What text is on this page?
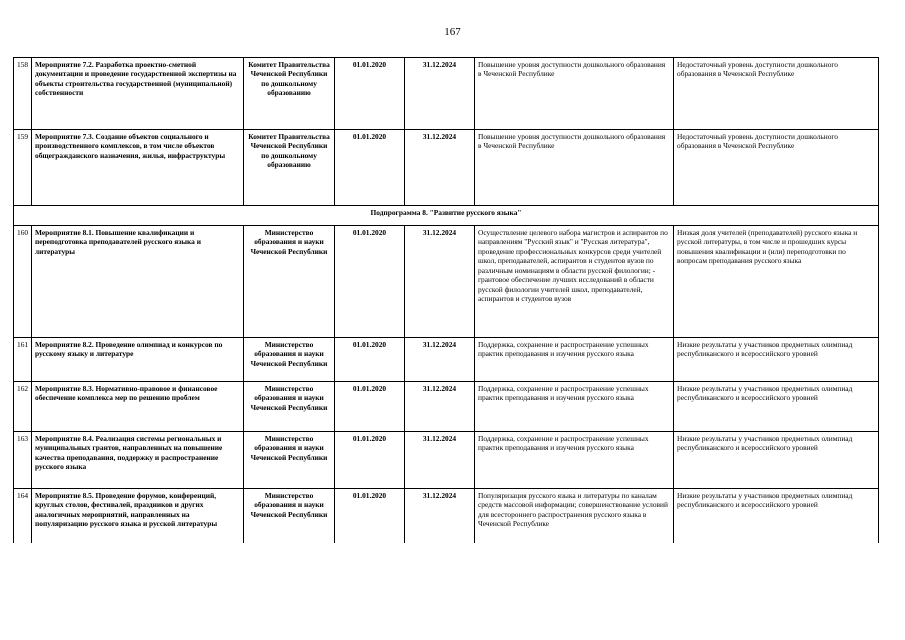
167
158	Мероприятие 7.2. Разработка проектно-сметной документации и проведение государственной экспертизы на объекты строительства государственной (муниципальной) собственности	Комитет Правительства Чеченской Республики по дошкольному образованию	01.01.2020	31.12.2024	Повышение уровня доступности дошкольного образования в Чеченской Республике	Недостаточный уровень доступности дошкольного образования в Чеченской Республике
159	Мероприятие 7.3. Создание объектов социального и производственного комплексов, в том числе объектов общегражданского назначения, жилья, инфраструктуры	Комитет Правительства Чеченской Республики по дошкольному образованию	01.01.2020	31.12.2024	Повышение уровня доступности дошкольного образования в Чеченской Республике	Недостаточный уровень доступности дошкольного образования в Чеченской Республике
Подпрограмма 8. "Развитие русского языка"						
160	Мероприятие 8.1. Повышение квалификации и переподготовка преподавателей русского языка и литературы	Министерство образования и науки Чеченской Республики	01.01.2020	31.12.2024	Осуществление целевого набора магистров и аспирантов по направлениям "Русский язык" и "Русская литература", проведение профессиональных конкурсов среди учителей школ, преподавателей, аспирантов и студентов вузов по различным номинациям в области русской филологии; - грантовое обеспечение лучших исследований в области русской филологии учителей школ, преподавателей, аспирантов и студентов вузов	Низкая доля учителей (преподавателей) русского языка и русской литературы, в том числе и прошедших курсы повышения квалификации и (или) переподготовки по вопросам преподавания русского языка
161	Мероприятие 8.2. Проведение олимпиад и конкурсов по русскому языку и литературе	Министерство образования и науки Чеченской Республики	01.01.2020	31.12.2024	Поддержка, сохранение и распространение успешных практик преподавания и изучения русского языка	Низкие результаты у участников предметных олимпиад республиканского и всероссийского уровней
162	Мероприятие 8.3. Нормативно-правовое и финансовое обеспечение комплекса мер по решению проблем	Министерство образования и науки Чеченской Республики	01.01.2020	31.12.2024	Поддержка, сохранение и распространение успешных практик преподавания и изучения русского языка	Низкие результаты у участников предметных олимпиад республиканского и всероссийского уровней
163	Мероприятие 8.4. Реализация системы региональных и муниципальных грантов, направленных на повышение качества преподавания, поддержку и распространение русского языка	Министерство образования и науки Чеченской Республики	01.01.2020	31.12.2024	Поддержка, сохранение и распространение успешных практик преподавания и изучения русского языка	Низкие результаты у участников предметных олимпиад республиканского и всероссийского уровней
164	Мероприятие 8.5. Проведение форумов, конференций, круглых столов, фестивалей, праздников и других аналогичных мероприятий, направленных на популяризацию русского языка и русской литературы	Министерство образования и науки Чеченской Республики	01.01.2020	31.12.2024	Популяризация русского языка и литературы по каналам средств массовой информации; совершенствование условий для всестороннего распространения русского языка в Чеченской Республике	Низкие результаты у участников предметных олимпиад республиканского и всероссийского уровней
